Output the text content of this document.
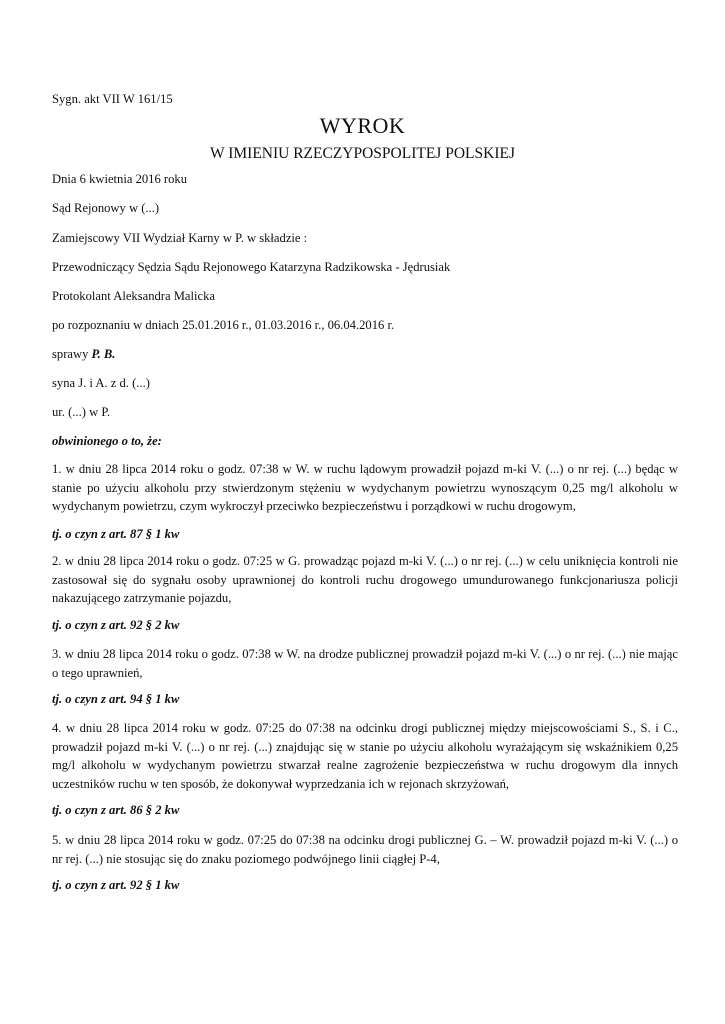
Sygn. akt VII W 161/15
WYROK
W IMIENIU RZECZYPOSPOLITEJ POLSKIEJ
Dnia 6 kwietnia 2016 roku
Sąd Rejonowy w (...)
Zamiejscowy VII Wydział Karny w P. w składzie :
Przewodniczący Sędzia Sądu Rejonowego Katarzyna Radzikowska - Jędrusiak
Protokolant Aleksandra Malicka
po rozpoznaniu w dniach 25.01.2016 r., 01.03.2016 r., 06.04.2016 r.
sprawy P. B.
syna J. i A. z d. (...)
ur. (...) w P.
obwinionego o to, że:
1. w dniu 28 lipca 2014 roku o godz. 07:38 w W. w ruchu lądowym prowadził pojazd m-ki V. (...) o nr rej. (...) będąc w stanie po użyciu alkoholu przy stwierdzonym stężeniu w wydychanym powietrzu wynoszącym 0,25 mg/l alkoholu w wydychanym powietrzu, czym wykroczył przeciwko bezpieczeństwu i porządkowi w ruchu drogowym,
tj. o czyn z art. 87 § 1 kw
2. w dniu 28 lipca 2014 roku o godz. 07:25 w G. prowadząc pojazd m-ki V. (...) o nr rej. (...) w celu uniknięcia kontroli nie zastosował się do sygnału osoby uprawnionej do kontroli ruchu drogowego umundurowanego funkcjonariusza policji nakazującego zatrzymanie pojazdu,
tj. o czyn z art. 92 § 2 kw
3. w dniu 28 lipca 2014 roku o godz. 07:38 w W. na drodze publicznej prowadził pojazd m-ki V. (...) o nr rej. (...) nie mając o tego uprawnień,
tj. o czyn z art. 94 § 1 kw
4. w dniu 28 lipca 2014 roku w godz. 07:25 do 07:38 na odcinku drogi publicznej między miejscowościami S., S. i C., prowadził pojazd m-ki V. (...) o nr rej. (...) znajdując się w stanie po użyciu alkoholu wyrażającym się wskaźnikiem 0,25 mg/l alkoholu w wydychanym powietrzu stwarzał realne zagrożenie bezpieczeństwa w ruchu drogowym dla innych uczestników ruchu w ten sposób, że dokonywał wyprzedzania ich w rejonach skrzyżowań,
tj. o czyn z art. 86 § 2 kw
5. w dniu 28 lipca 2014 roku w godz. 07:25 do 07:38 na odcinku drogi publicznej G. – W. prowadził pojazd m-ki V. (...) o nr rej. (...) nie stosując się do znaku poziomego podwójnego linii ciągłej P-4,
tj. o czyn z art. 92 § 1 kw
